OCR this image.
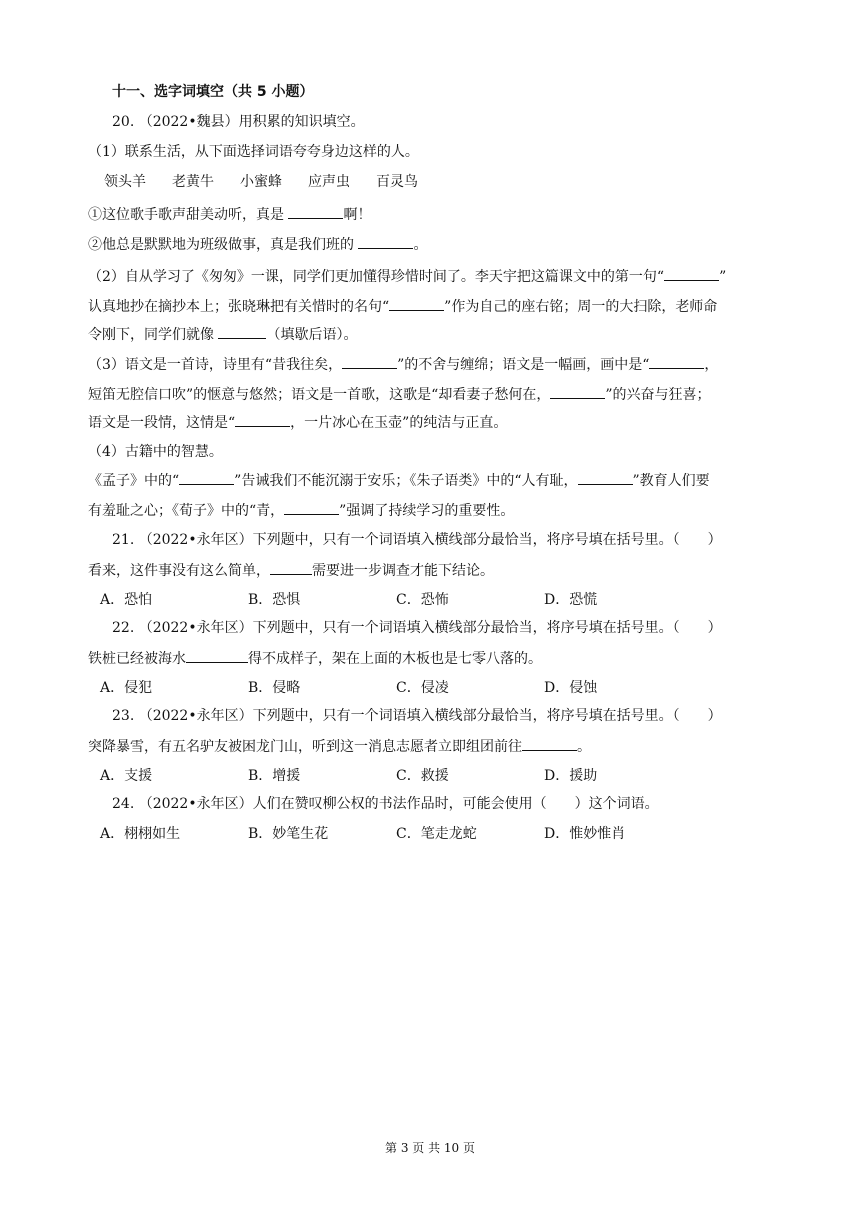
十一、选字词填空（共 5 小题）
20. （2022•魏县）用积累的知识填空。
（1）联系生活，从下面选择词语夸夸身边这样的人。
领头羊 老黄牛 小蜜蜂 应声虫 百灵鸟
①这位歌手歌声甜美动听，真是	啊！
②他总是默默地为班级做事，真是我们班的	。
（2）自从学习了《匆匆》一课，同学们更加懂得珍惜时间了。李天宇把这篇课文中的第一句“	”
认真地抄在摘抄本上；张晓琳把有关惜时的名句“	”作为自己的座右铭；周一的大扫除，老师命
令刚下，同学们就像	（填歇后语）。
（3）语文是一首诗，诗里有“昔我往矣，	”的不舍与缠绵；语文是一幅画，画中是“	，
短笛无腔信口吹”的惬意与悠然；语文是一首歌，这歌是“却看妻子愁何在，	”的兴奋与狂喜；
语文是一段情，这情是“	，一片冰心在玉壶”的纯洁与正直。
（4）古籍中的智慧。
《孟子》中的“	”告诫我们不能沉溺于安乐；《朱子语类》中的“人有耻，	”教育人们要
有羞耻之心；《荀子》中的“青，	”强调了持续学习的重要性。
21. （2022•永年区）下列题中，只有一个词语填入横线部分最恰当，将序号填在括号里。（　　）
看来，这件事没有这么简单，	需要进一步调查才能下结论。
A．恐怕	B．恐惧	C．恐怖	D．恐慌
22. （2022•永年区）下列题中，只有一个词语填入横线部分最恰当，将序号填在括号里。（　　）
铁桩已经被海水	得不成样子，架在上面的木板也是七零八落的。
A．侵犯	B．侵略	C．侵凌	D．侵蚀
23. （2022•永年区）下列题中，只有一个词语填入横线部分最恰当，将序号填在括号里。（　　）
突降暴雪，有五名驴友被困龙门山，听到这一消息志愿者立即组团前往	。
A．支援	B．增援	C．救援	D．援助
24. （2022•永年区）人们在赞叹柳公权的书法作品时，可能会使用（　　）这个词语。
A．栩栩如生	B．妙笔生花	C．笔走龙蛇	D．惟妙惟肖
第 3 页 共 10 页
